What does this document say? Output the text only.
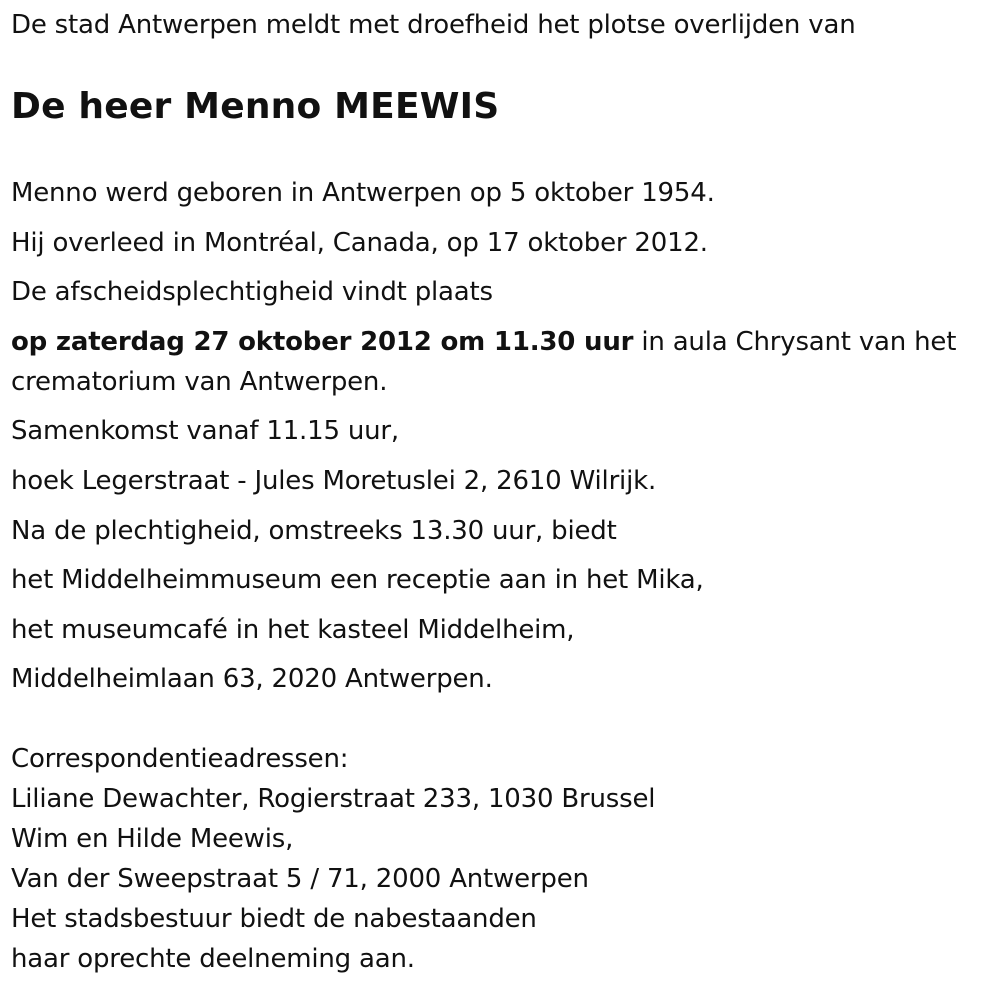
De stad Antwerpen meldt met droefheid het plotse overlijden van
De heer Menno MEEWIS
Menno werd geboren in Antwerpen op 5 oktober 1954.
Hij overleed in Montréal, Canada, op 17 oktober 2012.
De afscheidsplechtigheid vindt plaats
op zaterdag 27 oktober 2012 om 11.30 uur in aula Chrysant van het crematorium van Antwerpen.
Samenkomst vanaf 11.15 uur,
hoek Legerstraat - Jules Moretuslei 2, 2610 Wilrijk.
Na de plechtigheid, omstreeks 13.30 uur, biedt
het Middelheimmuseum een receptie aan in het Mika,
het museumcafé in het kasteel Middelheim,
Middelheimlaan 63, 2020 Antwerpen.
Correspondentieadressen:
Liliane Dewachter, Rogierstraat 233, 1030 Brussel
Wim en Hilde Meewis,
Van der Sweepstraat 5 / 71, 2000 Antwerpen
Het stadsbestuur biedt de nabestaanden
haar oprechte deelneming aan.
